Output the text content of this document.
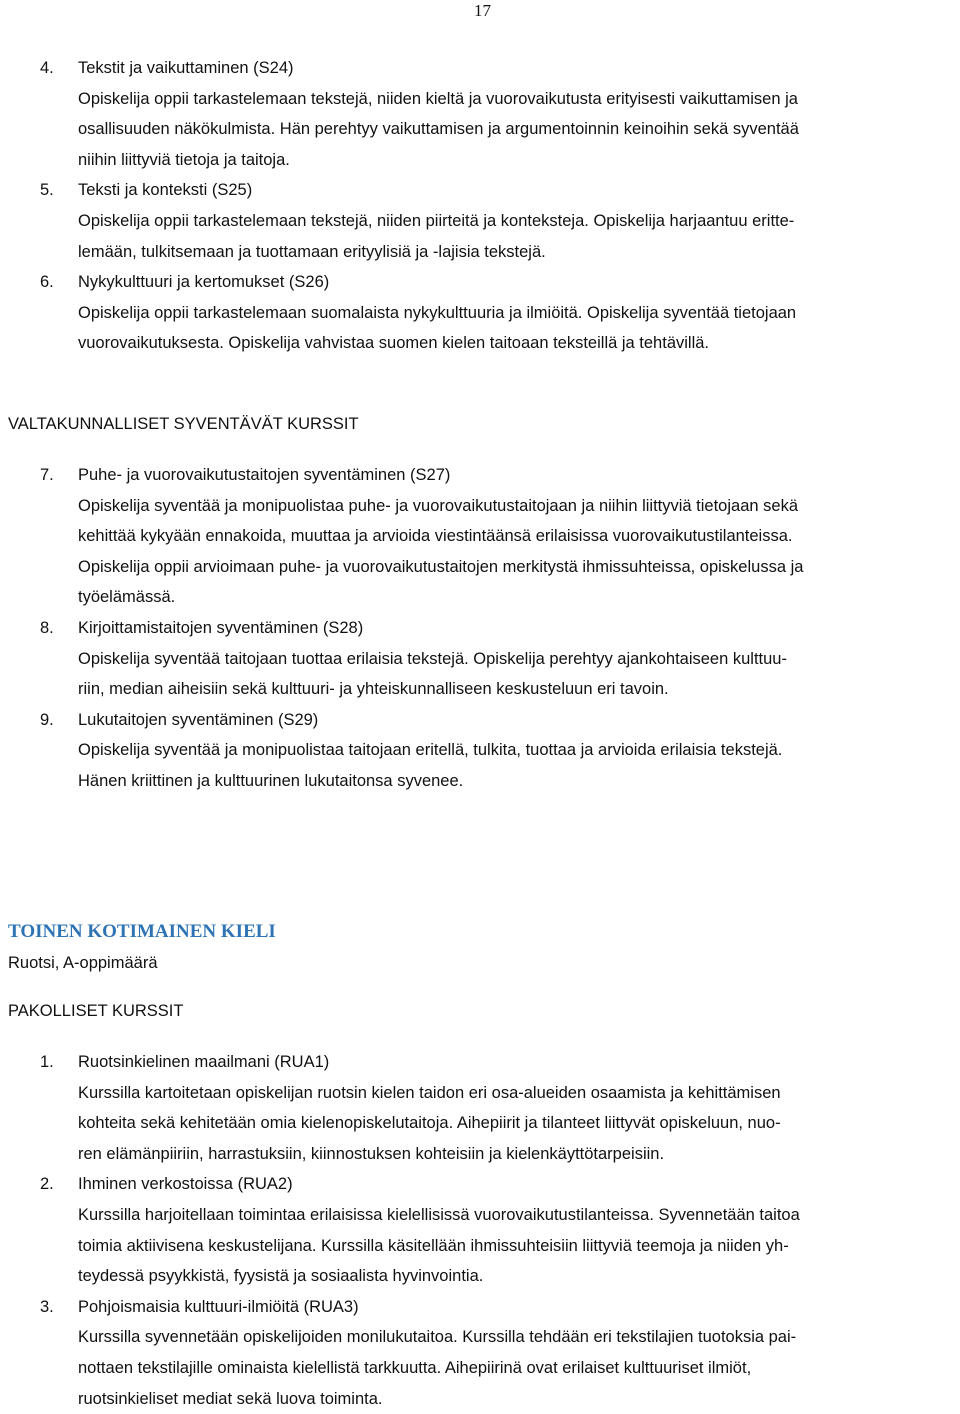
17
4.	Tekstit ja vaikuttaminen (S24)
Opiskelija oppii tarkastelemaan tekstejä, niiden kieltä ja vuorovaikutusta erityisesti vaikuttamisen ja
osallisuuden näkökulmista. Hän perehtyy vaikuttamisen ja argumentoinnin keinoihin sekä syventää
niihin liittyviä tietoja ja taitoja.
5.	Teksti ja konteksti (S25)
Opiskelija oppii tarkastelemaan tekstejä, niiden piirteitä ja konteksteja. Opiskelija harjaantuu erittе-
lemään, tulkitsemaan ja tuottamaan erityylisiä ja -lajisia tekstejä.
6.	Nykykulttuuri ja kertomukset (S26)
Opiskelija oppii tarkastelemaan suomalaista nykykulttuuria ja ilmiöitä. Opiskelija syventää tietojaan
vuorovaikutuksesta. Opiskelija vahvistaa suomen kielen taitoaan teksteillä ja tehtävillä.
VALTAKUNNALLISET SYVENTÄVÄT KURSSIT
7.	Puhe- ja vuorovaikutustaitojen syventäminen (S27)
Opiskelija syventää ja monipuolistaa puhe- ja vuorovaikutustaitojaan ja niihin liittyviä tietojaan sekä
kehittää kykyään ennakoida, muuttaa ja arvioida viestintäänsä erilaisissa vuorovaikutustilanteissa.
Opiskelija oppii arvioimaan puhe- ja vuorovaikutustaitojen merkitystä ihmissuhteissa, opiskelussa ja
työelämässä.
8.	Kirjoittamistaitojen syventäminen (S28)
Opiskelija syventää taitojaan tuottaa erilaisia tekstejä. Opiskelija perehtyy ajankohtaiseen kulttuu-
riin, median aiheisiin sekä kulttuuri- ja yhteiskunnalliseen keskusteluun eri tavoin.
9.	Lukutaitojen syventäminen (S29)
Opiskelija syventää ja monipuolistaa taitojaan eritellä, tulkita, tuottaa ja arvioida erilaisia tekstejä.
Hänen kriittinen ja kulttuurinen lukutaitonsa syvenee.
TOINEN KOTIMAINEN KIELI
Ruotsi, A-oppimäärä
PAKOLLISET KURSSIT
1.	Ruotsinkielinen maailmani (RUA1)
Kurssilla kartoitetaan opiskelijan ruotsin kielen taidon eri osa-alueiden osaamista ja kehittämisen
kohteita sekä kehitetään omia kielenopiskelutaitoja. Aihepiirit ja tilanteet liittyvät opiskeluun, nuo-
ren elämänpiiriin, harrastuksiin, kiinnostuksen kohteisiin ja kielenkäyttötarpeisiin.
2.	Ihminen verkostoissa (RUA2)
Kurssilla harjoitellaan toimintaa erilaisissa kielellisissä vuorovaikutustilanteissa. Syvennetään taitoa
toimia aktiivisena keskustelijana. Kurssilla käsitellään ihmissuhteisiin liittyviä teemoja ja niiden yh-
teydessä psyykkistä, fyysistä ja sosiaalista hyvinvointia.
3.	Pohjoismaisia kulttuuri-ilmiöitä (RUA3)
Kurssilla syvennetään opiskelijoiden monilukutaitoa. Kurssilla tehdään eri tekstilajien tuotoksia pai-
nottaen tekstilajille ominaista kielellistä tarkkuutta. Aihepiirinä ovat erilaiset kulttuuriset ilmiöt,
ruotsinkieliset mediat sekä luova toiminta.
